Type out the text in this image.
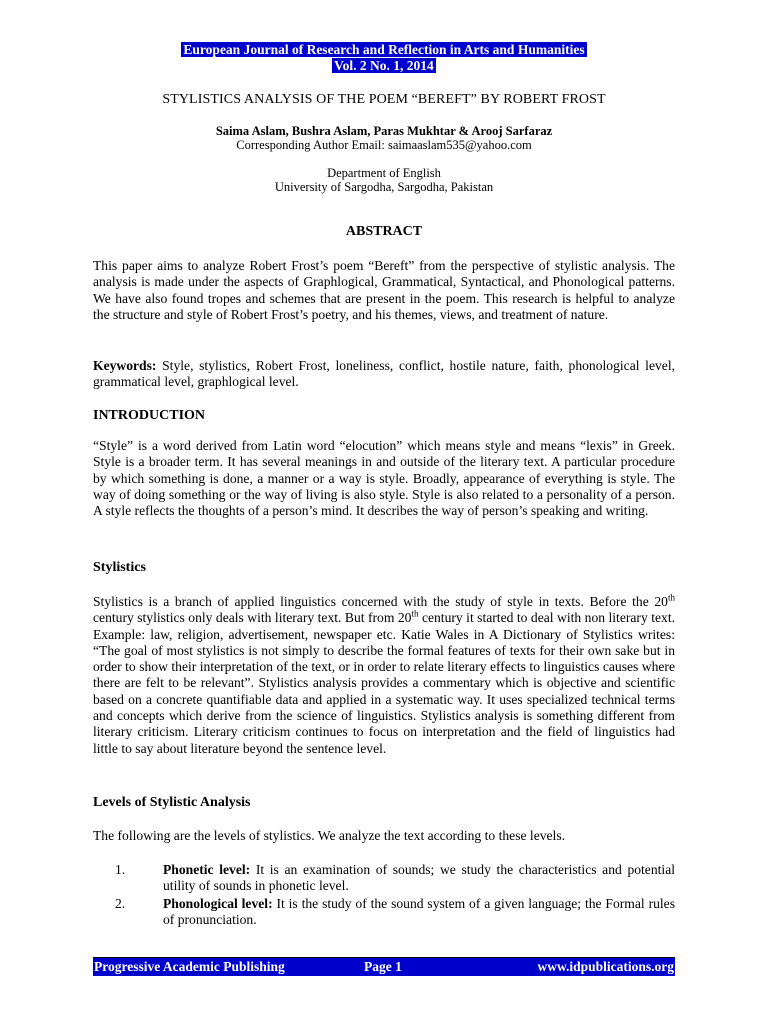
European Journal of Research and Reflection in Arts and Humanities
Vol. 2 No. 1, 2014
STYLISTICS ANALYSIS OF THE POEM “BEREFT” BY ROBERT FROST
Saima Aslam, Bushra Aslam, Paras Mukhtar & Arooj Sarfaraz
Corresponding Author Email: saimaaslam535@yahoo.com
Department of English
University of Sargodha, Sargodha, Pakistan
ABSTRACT
This paper aims to analyze Robert Frost’s poem “Bereft” from the perspective of stylistic analysis. The analysis is made under the aspects of Graphlogical, Grammatical, Syntactical, and Phonological patterns. We have also found tropes and schemes that are present in the poem. This research is helpful to analyze the structure and style of Robert Frost’s poetry, and his themes, views, and treatment of nature.
Keywords: Style, stylistics, Robert Frost, loneliness, conflict, hostile nature, faith, phonological level, grammatical level, graphlogical level.
INTRODUCTION
“Style” is a word derived from Latin word “elocution” which means style and means “lexis” in Greek. Style is a broader term. It has several meanings in and outside of the literary text. A particular procedure by which something is done, a manner or a way is style. Broadly, appearance of everything is style. The way of doing something or the way of living is also style. Style is also related to a personality of a person. A style reflects the thoughts of a person’s mind. It describes the way of person’s speaking and writing.
Stylistics
Stylistics is a branch of applied linguistics concerned with the study of style in texts. Before the 20th century stylistics only deals with literary text. But from 20th century it started to deal with non literary text. Example: law, religion, advertisement, newspaper etc. Katie Wales in A Dictionary of Stylistics writes: “The goal of most stylistics is not simply to describe the formal features of texts for their own sake but in order to show their interpretation of the text, or in order to relate literary effects to linguistics causes where there are felt to be relevant”. Stylistics analysis provides a commentary which is objective and scientific based on a concrete quantifiable data and applied in a systematic way. It uses specialized technical terms and concepts which derive from the science of linguistics. Stylistics analysis is something different from literary criticism. Literary criticism continues to focus on interpretation and the field of linguistics had little to say about literature beyond the sentence level.
Levels of Stylistic Analysis
The following are the levels of stylistics. We analyze the text according to these levels.
1.	Phonetic level: It is an examination of sounds; we study the characteristics and potential utility of sounds in phonetic level.
2.	Phonological level: It is the study of the sound system of a given language; the Formal rules of pronunciation.
Progressive Academic Publishing	Page 1	www.idpublications.org
